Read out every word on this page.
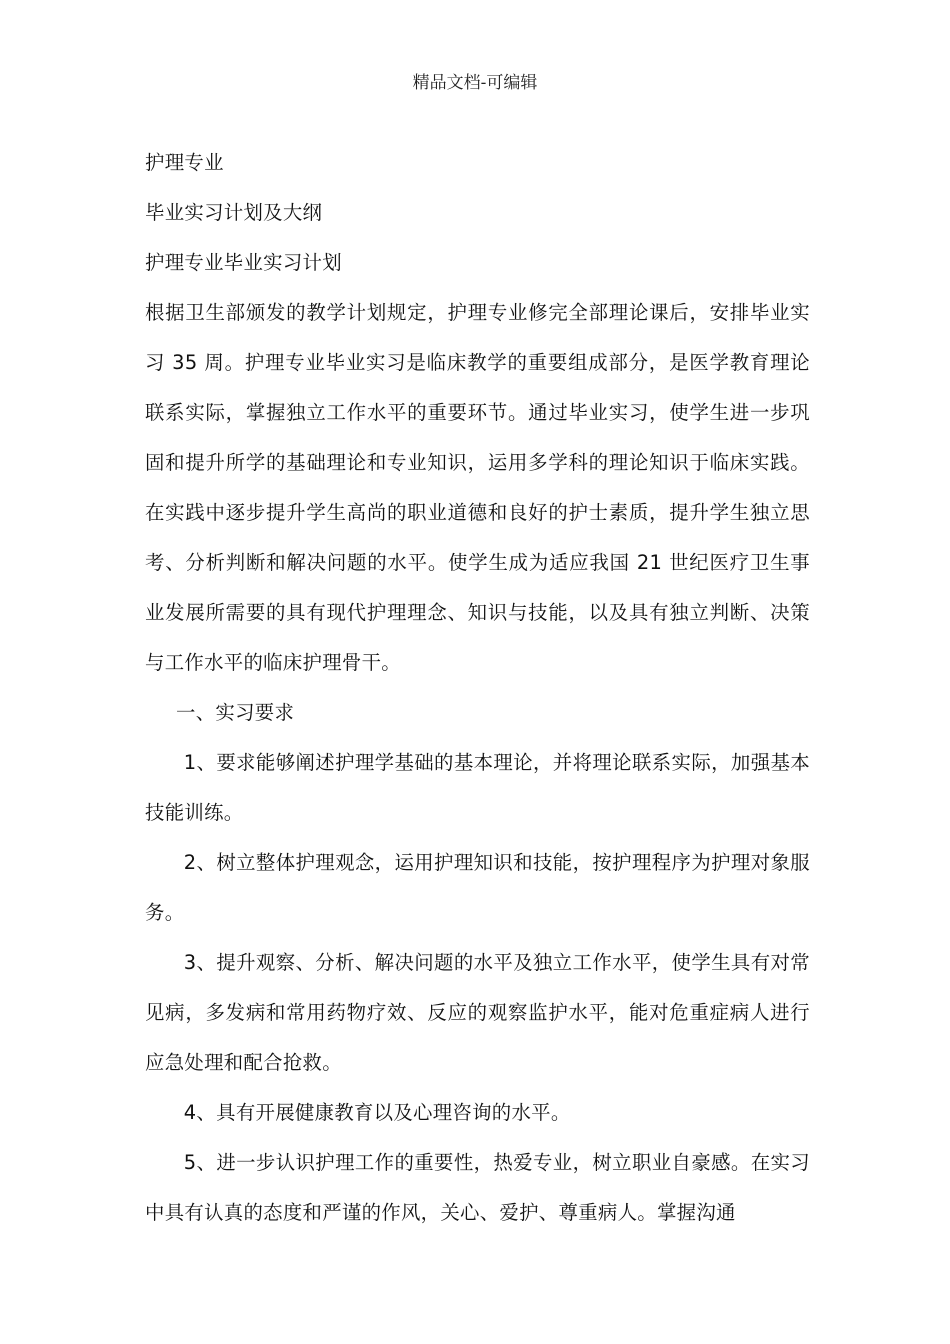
精品文档-可编辑

护理专业

毕业实习计划及大纲

护理专业毕业实习计划

根据卫生部颁发的教学计划规定，护理专业修完全部理论课后，安排毕业实习 35 周。护理专业毕业实习是临床教学的重要组成部分，是医学教育理论联系实际，掌握独立工作水平的重要环节。通过毕业实习，使学生进一步巩固和提升所学的基础理论和专业知识，运用多学科的理论知识于临床实践。在实践中逐步提升学生高尚的职业道德和良好的护士素质，提升学生独立思考、分析判断和解决问题的水平。使学生成为适应我国 21 世纪医疗卫生事业发展所需要的具有现代护理理念、知识与技能，以及具有独立判断、决策与工作水平的临床护理骨干。

一、实习要求

1、要求能够阐述护理学基础的基本理论，并将理论联系实际，加强基本技能训练。

2、树立整体护理观念，运用护理知识和技能，按护理程序为护理对象服务。

3、提升观察、分析、解决问题的水平及独立工作水平，使学生具有对常见病，多发病和常用药物疗效、反应的观察监护水平，能对危重症病人进行应急处理和配合抢救。

4、具有开展健康教育以及心理咨询的水平。

5、进一步认识护理工作的重要性，热爱专业，树立职业自豪感。在实习中具有认真的态度和严谨的作风，关心、爱护、尊重病人。掌握沟通
